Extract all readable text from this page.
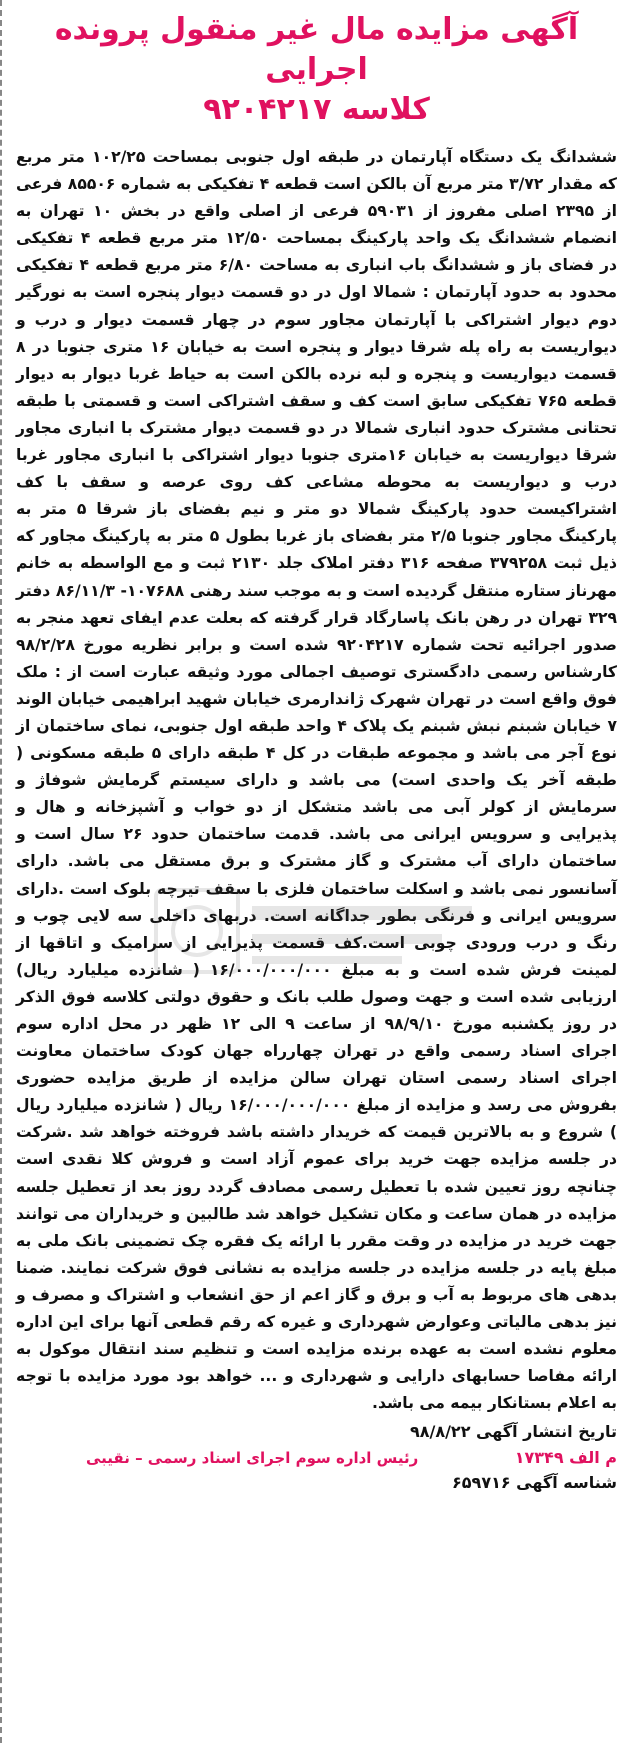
آگهی مزایده مال غیر منقول پرونده اجرایی
کلاسه ۹۲۰۴۲۱۷

ششدانگ یک دستگاه آپارتمان در طبقه اول جنوبی بمساحت ۱۰۲/۲۵ متر مربع که مقدار ۳/۷۲ متر مربع آن بالکن است قطعه ۴ تفکیکی به شماره ۸۵۵۰۶ فرعی از ۲۳۹۵ اصلی مفروز از ۵۹۰۳۱ فرعی از اصلی واقع در بخش ۱۰ تهران به انضمام ششدانگ یک واحد پارکینگ بمساحت ۱۲/۵۰ متر مربع قطعه ۴ تفکیکی در فضای باز و ششدانگ باب انباری به مساحت ۶/۸۰ متر مربع قطعه ۴ تفکیکی محدود به حدود آپارتمان : شمالا اول در دو قسمت دیوار پنجره است به نورگیر دوم دیوار اشتراکی با آپارتمان مجاور سوم در چهار قسمت دیوار و درب و دیواریست به راه پله شرقا دیوار و پنجره است به خیابان ۱۶ متری جنوبا در ۸ قسمت دیواریست و پنجره و لبه نرده بالکن است به حیاط غربا دیوار به دیوار قطعه ۷۶۵ تفکیکی سابق است کف و سقف اشتراکی است و قسمتی با طبقه تحتانی مشترک حدود انباری شمالا در دو قسمت دیوار مشترک با انباری مجاور شرقا دیواریست به خیابان ۱۶متری جنوبا دیوار اشتراکی با انباری مجاور غربا درب و دیواریست به محوطه مشاعی کف روی عرصه و سقف با کف اشتراکیست حدود پارکینگ شمالا دو متر و نیم بفضای باز شرقا ۵ متر به پارکینگ مجاور جنوبا ۲/۵ متر بفضای باز غربا بطول ۵ متر به پارکینگ مجاور که ذیل ثبت ۳۷۹۲۵۸ صفحه ۳۱۶ دفتر املاک جلد ۲۱۳۰ ثبت و مع الواسطه به خانم مهرناز ستاره منتقل گردیده است و به موجب سند رهنی ۱۰۷۶۸۸- ۸۶/۱۱/۳ دفتر ۳۲۹ تهران در رهن بانک پاسارگاد قرار گرفته که بعلت عدم ایفای تعهد منجر به صدور اجرائیه تحت شماره ۹۲۰۴۲۱۷ شده است و برابر نظریه مورخ ۹۸/۲/۲۸ کارشناس رسمی دادگستری توصیف اجمالی مورد وثیقه عبارت است از : ملک فوق واقع است در تهران شهرک ژاندارمری خیابان شهید ابراهیمی خیابان الوند ۷ خیابان شبنم نبش شبنم یک پلاک ۴ واحد طبقه اول جنوبی، نمای ساختمان از نوع آجر می باشد و مجموعه طبقات در کل ۴ طبقه دارای ۵ طبقه مسکونی ( طبقه آخر یک واحدی است) می باشد و دارای سیستم گرمایش شوفاژ و سرمایش از کولر آبی می باشد متشکل از دو خواب و آشپزخانه و هال و پذیرایی و سرویس ایرانی می باشد. قدمت ساختمان حدود ۲۶ سال است و ساختمان دارای آب مشترک و گاز مشترک و برق مستقل می باشد. دارای آسانسور نمی باشد و اسکلت ساختمان فلزی با سقف تیرچه بلوک است .دارای سرویس ایرانی و فرنگی بطور جداگانه است. دربهای داخلی سه لایی چوب و رنگ و درب ورودی چوبی است.کف قسمت پذیرایی از سرامیک و اتاقها از لمینت فرش شده است و به مبلغ ۱۶/۰۰۰/۰۰۰/۰۰۰ ( شانزده میلیارد ریال) ارزیابی شده است و جهت وصول طلب بانک و حقوق دولتی کلاسه فوق الذکر در روز یکشنبه مورخ ۹۸/۹/۱۰ از ساعت ۹ الی ۱۲ ظهر در محل اداره سوم اجرای اسناد رسمی واقع در تهران چهارراه جهان کودک ساختمان معاونت اجرای اسناد رسمی استان تهران سالن مزایده از طریق مزایده حضوری بفروش می رسد و مزایده از مبلغ ۱۶/۰۰۰/۰۰۰/۰۰۰ ریال ( شانزده میلیارد ریال ) شروع و به بالاترین قیمت که خریدار داشته باشد فروخته خواهد شد .شرکت در جلسه مزایده جهت خرید برای عموم آزاد است و فروش کلا نقدی است چنانچه روز تعیین شده با تعطیل رسمی مصادف گردد روز بعد از تعطیل جلسه مزایده در همان ساعت و مکان تشکیل خواهد شد طالبین و خریداران می توانند جهت خرید در مزایده در وقت مقرر با ارائه یک فقره چک تضمینی بانک ملی به مبلغ پایه در جلسه مزایده در جلسه مزایده به نشانی فوق شرکت نمایند. ضمنا بدهی های مربوط به آب و برق و گاز اعم از حق انشعاب و اشتراک و مصرف و نیز بدهی مالیاتی وعوارض شهرداری و غیره که رقم قطعی آنها برای این اداره معلوم نشده است به عهده برنده مزایده است و تنظیم سند انتقال موکول به ارائه مفاصا حسابهای دارایی و شهرداری و ... خواهد بود مورد مزایده با توجه به اعلام بستانکار بیمه می باشد.

تاریخ انتشار آگهی ۹۸/۸/۲۲
م الف ۱۷۳۴۹
رئیس اداره سوم اجرای اسناد رسمی – نقیبی
شناسه آگهی ۶۵۹۷۱۶
